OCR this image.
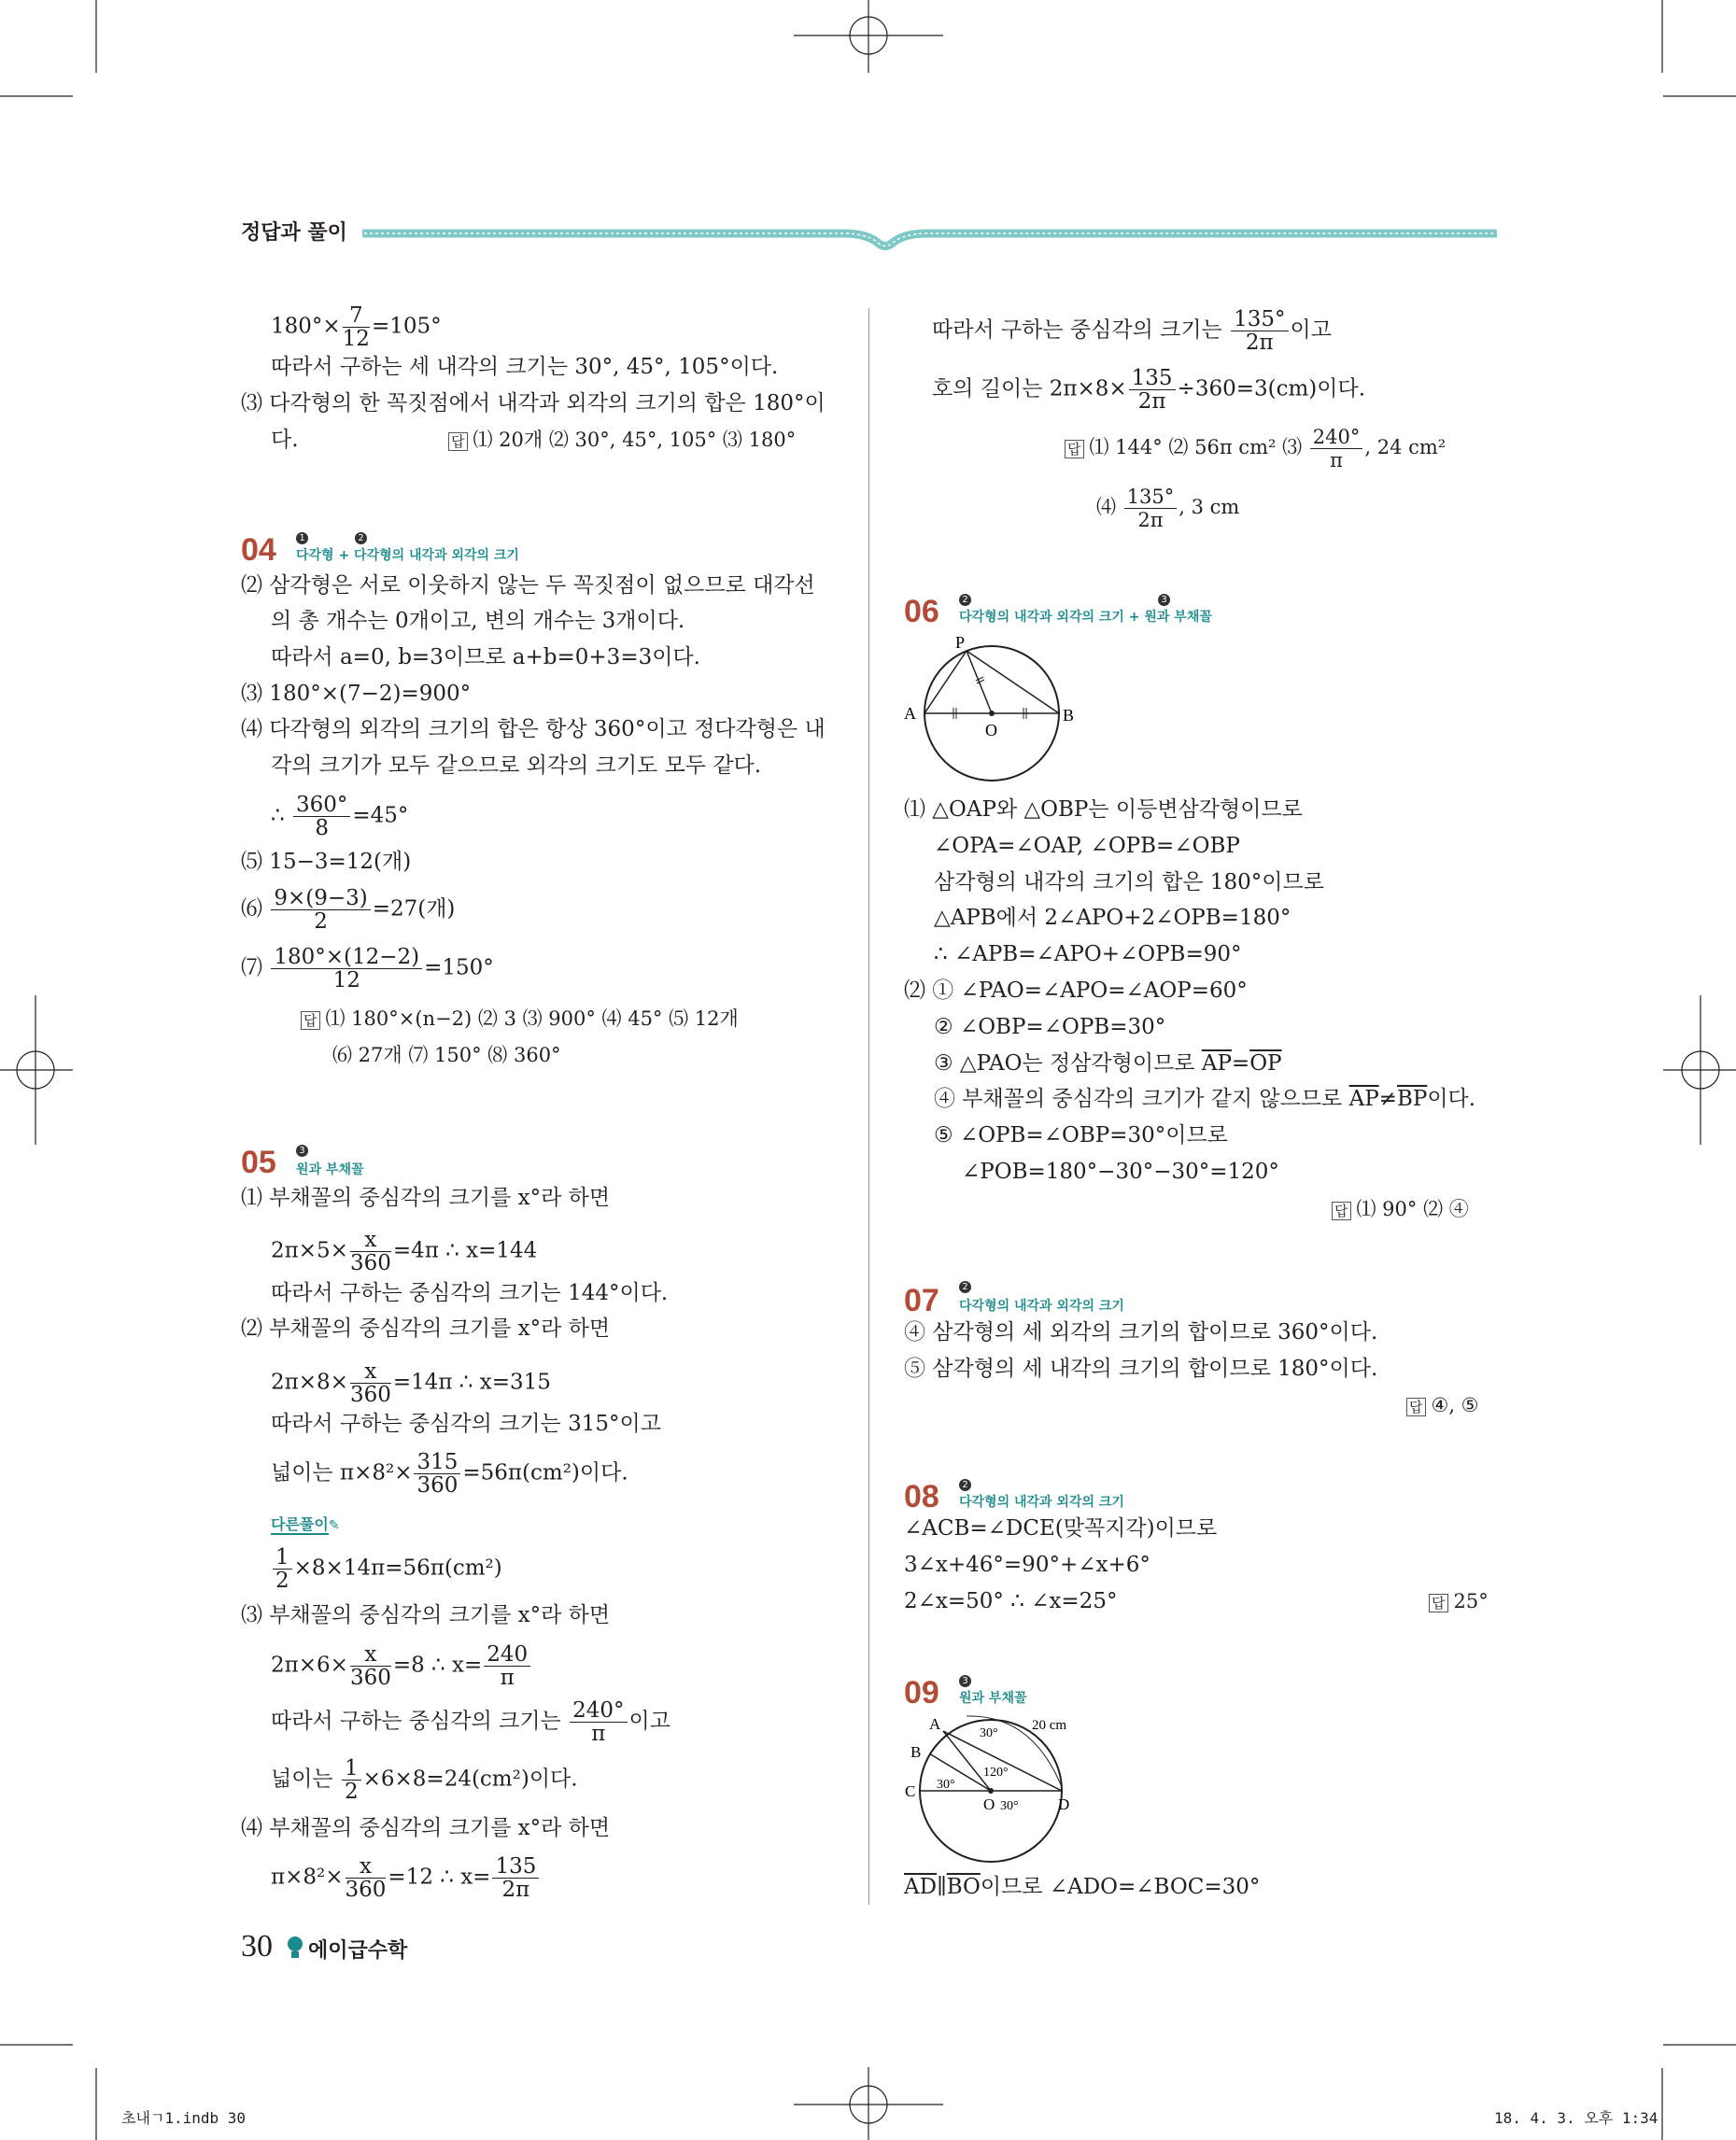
정답과 풀이
$180^\circ\times \frac{7}{12} =105^\circ$
따라서 구하는 세 내각의 크기는 30°, 45°, 105°이다.
⑶ 다각형의 한 꼭짓점에서 내각과 외각의 크기의 합은 180°이
다.	답 ⑴ 20개 ⑵ 30°, 45°, 105° ⑶ 180°
04	1	2
다각형 + 다각형의 내각과 외각의 크기
⑵ 삼각형은 서로 이웃하지 않는 두 꼭짓점이 없으므로 대각선
의 총 개수는 0개이고, 변의 개수는 3개이다.
따라서 a=0, b=3이므로 a+b=0+3=3이다.
⑶ 180°×(7−2)=900°
⑷ 다각형의 외각의 크기의 합은 항상 360°이고 정다각형은 내
각의 크기가 모두 같으므로 외각의 크기도 모두 같다.
∴ $\frac{360^\circ}{8} =45^\circ$
⑸ 15−3=12(개)
⑹ $\frac{9\times(9-3)}{2} =27$(개)
⑺ $\frac{180^\circ\times(12-2)}{12} =150^\circ$
답 ⑴ 180°×(n−2) ⑵ 3 ⑶ 900° ⑷ 45° ⑸ 12개
⑹ 27개 ⑺ 150° ⑻ 360°
05	3
원과 부채꼴
⑴ 부채꼴의 중심각의 크기를 x°라 하면
$2\pi\times 5\times \frac{x}{360} =4\pi$ ∴ x=144
따라서 구하는 중심각의 크기는 144°이다.
⑵ 부채꼴의 중심각의 크기를 x°라 하면
$2\pi\times 8\times \frac{x}{360} =14\pi$ ∴ x=315
따라서 구하는 중심각의 크기는 315°이고
넓이는 $\pi\times 8^2\times \frac{315}{360} =56\pi(cm^2)$이다.
다른풀이✎
$\frac{1}{2} \times 8\times 14\pi=56\pi(cm^2)$
⑶ 부채꼴의 중심각의 크기를 x°라 하면
$2\pi\times 6\times \frac{x}{360} =8$ ∴ $x= \frac{240}{\pi}$
따라서 구하는 중심각의 크기는 $\frac{240^\circ}{\pi}$ 이고
넓이는 $\frac{1}{2} \times 6\times 8=24(cm^2)$이다.
⑷ 부채꼴의 중심각의 크기를 x°라 하면
$\pi\times 8^2\times \frac{x}{360} =12$ ∴ $x= \frac{135}{2\pi}$
따라서 구하는 중심각의 크기는 $\frac{135^\circ}{2\pi}$ 이고
호의 길이는 $2\pi\times 8\times \frac{135}{2\pi} \div 360=3(cm)$이다.
답 ⑴ 144° ⑵ 56π cm² ⑶ $\frac{240^\circ}{\pi}$ , 24 cm²
⑷ $\frac{135^\circ}{2\pi}$ , 3 cm
06	2	3
다각형의 내각과 외각의 크기 + 원과 부채꼴
P
A	B
O
⑴ △OAP와 △OBP는 이등변삼각형이므로
∠OPA=∠OAP, ∠OPB=∠OBP
삼각형의 내각의 크기의 합은 180°이므로
△APB에서 2∠APO+2∠OPB=180°
∴ ∠APB=∠APO+∠OPB=90°
⑵ ① ∠PAO=∠APO=∠AOP=60°
② ∠OBP=∠OPB=30°
③ △PAO는 정삼각형이므로 $\overline{AP}=\overline{OP}$
④ 부채꼴의 중심각의 크기가 같지 않으므로 $\overline{AP}\ne\overline{BP}$이다.
⑤ ∠OPB=∠OBP=30°이므로
∠POB=180°−30°−30°=120°
답 ⑴ 90° ⑵ ④
07	2
다각형의 내각과 외각의 크기
④ 삼각형의 세 외각의 크기의 합이므로 360°이다.
⑤ 삼각형의 세 내각의 크기의 합이므로 180°이다.
답 ④, ⑤
08	2
다각형의 내각과 외각의 크기
∠ACB=∠DCE(맞꼭지각)이므로
3∠x+46°=90°+∠x+6°
2∠x=50° ∴ ∠x=25°	답 25°
09	3
원과 부채꼴
A
B
C
D
O
30°
30°
120°
30°
20 cm
$\overline{AD}\parallel\overline{BO}$이므로 ∠ADO=∠BOC=30°
30 에이급수학
초내ㄱ1.indb 30	18. 4. 3. 오후 1:34
